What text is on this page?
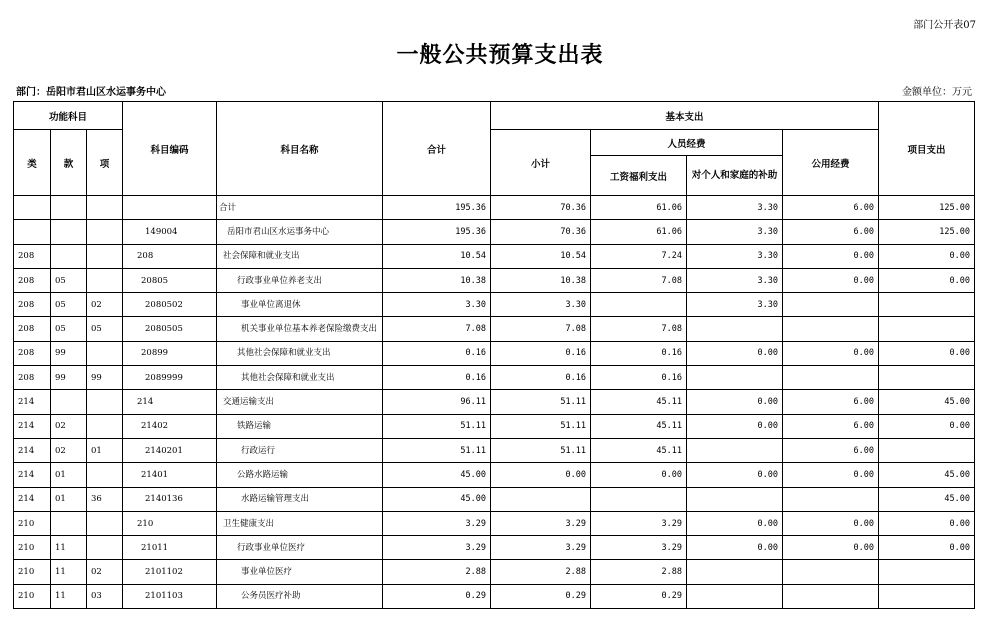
部门公开表07
一般公共预算支出表
部门：岳阳市君山区水运事务中心	金额单位：万元
功能科目			科目编码	科目名称	合计	基本支出				项目支出
类	款	项				小计	人员经费		公用经费	
							工资福利支出	对个人和家庭的补助		
				合计	195.36	70.36	61.06	3.30	6.00	125.00
			149004	岳阳市君山区水运事务中心	195.36	70.36	61.06	3.30	6.00	125.00
208			208	社会保障和就业支出	10.54	10.54	7.24	3.30	0.00	0.00
208	05		20805	行政事业单位养老支出	10.38	10.38	7.08	3.30	0.00	0.00
208	05	02	2080502	事业单位离退休	3.30	3.30		3.30		
208	05	05	2080505	机关事业单位基本养老保险缴费支出	7.08	7.08	7.08			
208	99		20899	其他社会保障和就业支出	0.16	0.16	0.16	0.00	0.00	0.00
208	99	99	2089999	其他社会保障和就业支出	0.16	0.16	0.16			
214			214	交通运输支出	96.11	51.11	45.11	0.00	6.00	45.00
214	02		21402	铁路运输	51.11	51.11	45.11	0.00	6.00	0.00
214	02	01	2140201	行政运行	51.11	51.11	45.11		6.00	
214	01		21401	公路水路运输	45.00	0.00	0.00	0.00	0.00	45.00
214	01	36	2140136	水路运输管理支出	45.00					45.00
210			210	卫生健康支出	3.29	3.29	3.29	0.00	0.00	0.00
210	11		21011	行政事业单位医疗	3.29	3.29	3.29	0.00	0.00	0.00
210	11	02	2101102	事业单位医疗	2.88	2.88	2.88			
210	11	03	2101103	公务员医疗补助	0.29	0.29	0.29			
